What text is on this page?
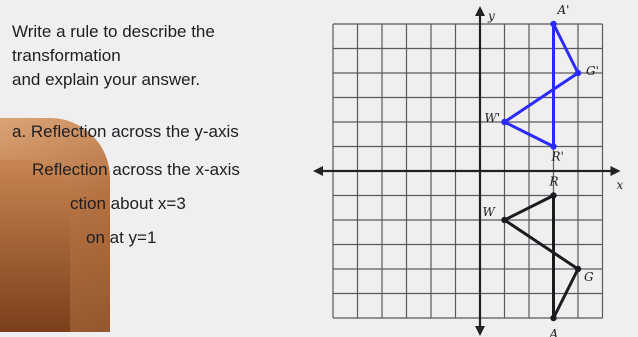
Write a rule to describe the
transformation
and explain your answer.
a. Reflection across the y-axis
Reflection across the x-axis
ction about x=3
on at y=1
x
y	A'
G'
W'
R'
R
W
G
A
